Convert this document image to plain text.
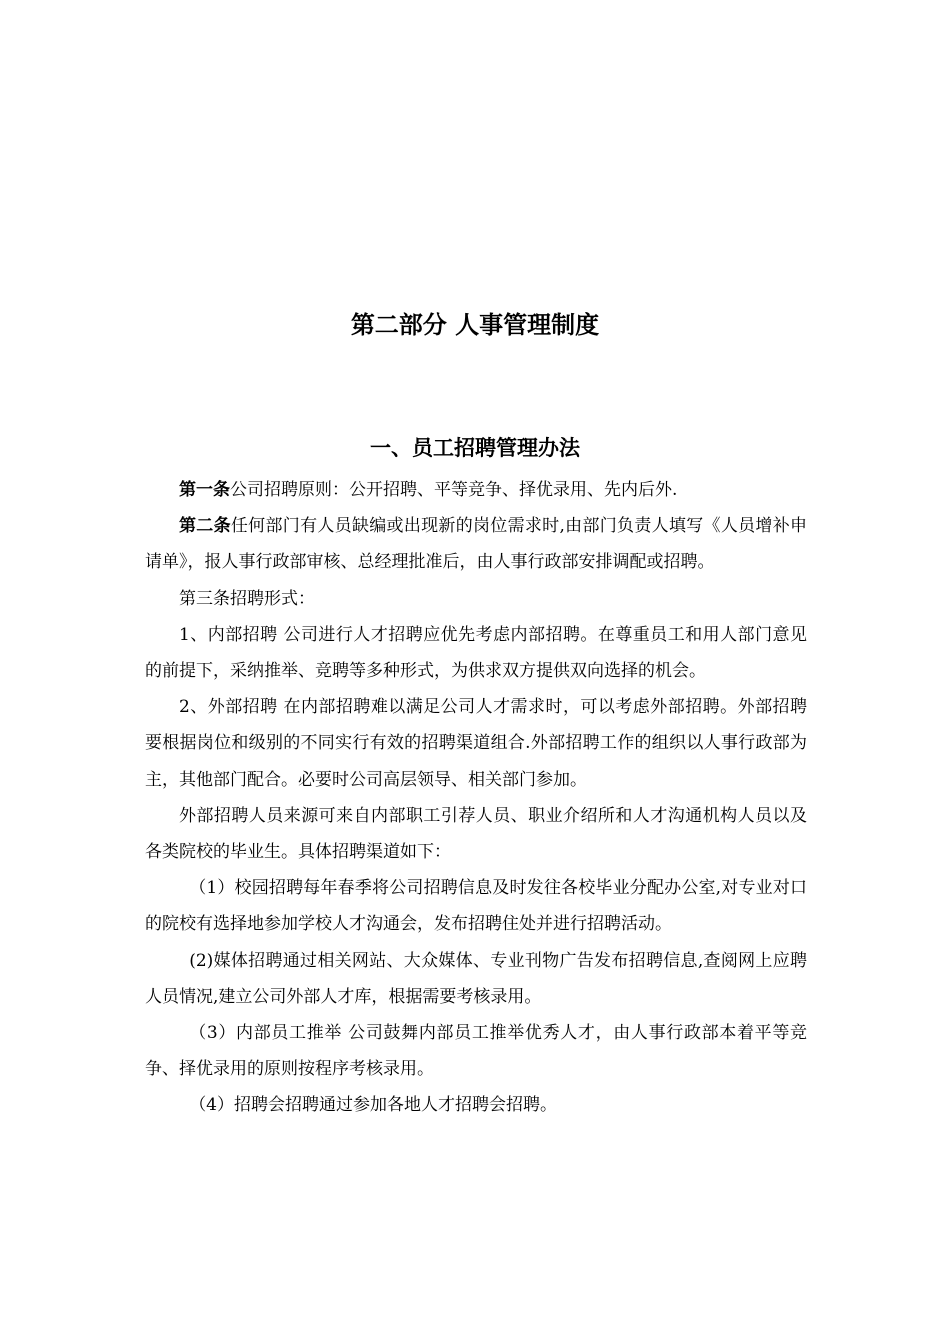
第二部分 人事管理制度
一、员工招聘管理办法

第一条公司招聘原则：公开招聘、平等竞争、择优录用、先内后外.

第二条任何部门有人员缺编或出现新的岗位需求时,由部门负责人填写《人员增补申请单》，报人事行政部审核、总经理批准后，由人事行政部安排调配或招聘。

第三条招聘形式：

1、内部招聘 公司进行人才招聘应优先考虑内部招聘。在尊重员工和用人部门意见的前提下，采纳推举、竞聘等多种形式，为供求双方提供双向选择的机会。

2、外部招聘 在内部招聘难以满足公司人才需求时，可以考虑外部招聘。外部招聘要根据岗位和级别的不同实行有效的招聘渠道组合.外部招聘工作的组织以人事行政部为主，其他部门配合。必要时公司高层领导、相关部门参加。

外部招聘人员来源可来自内部职工引荐人员、职业介绍所和人才沟通机构人员以及各类院校的毕业生。具体招聘渠道如下：

（1）校园招聘每年春季将公司招聘信息及时发往各校毕业分配办公室,对专业对口的院校有选择地参加学校人才沟通会，发布招聘住处并进行招聘活动。

(2)媒体招聘通过相关网站、大众媒体、专业刊物广告发布招聘信息,查阅网上应聘人员情况,建立公司外部人才库，根据需要考核录用。

（3）内部员工推举 公司鼓舞内部员工推举优秀人才，由人事行政部本着平等竞争、择优录用的原则按程序考核录用。

（4）招聘会招聘通过参加各地人才招聘会招聘。
